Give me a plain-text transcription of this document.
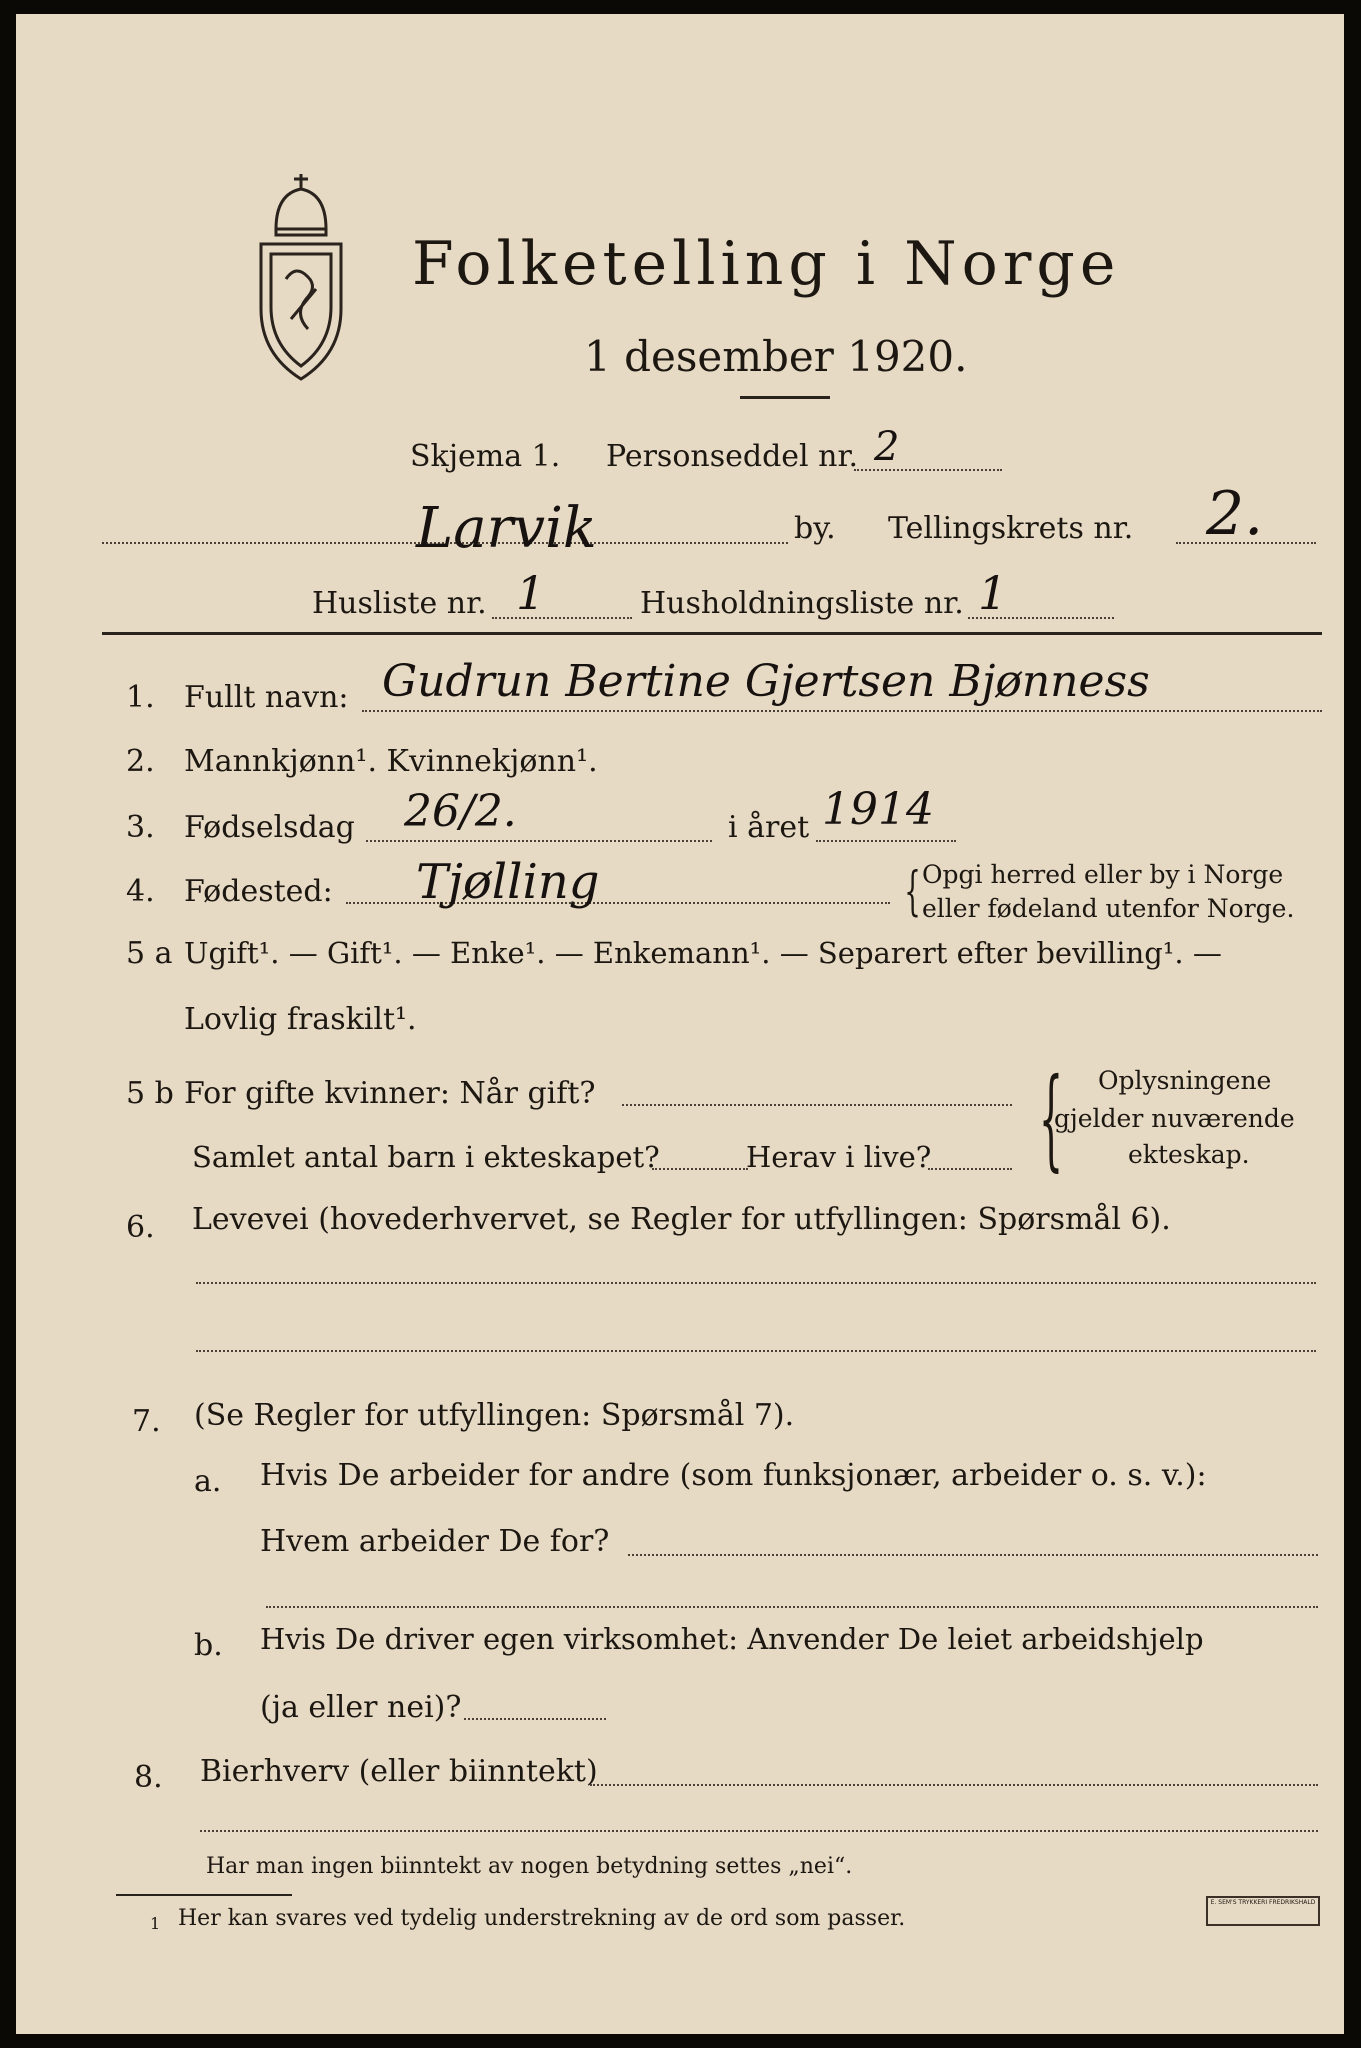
Folketelling i Norge
1 desember 1920.
Skjema 1. Personseddel nr. 2
Larvik	by. Tellingskrets nr. 2.
Husliste nr. 1	Husholdningsliste nr. 1
1. Fullt navn: Gudrun Bertine Gjertsen Bjønness
2. Mannkjønn¹. Kvinnekjønn¹.
3. Fødselsdag 26/2.	i året 1914
4. Fødested: Tjølling	{ Opgi herred eller by i Norge
eller fødeland utenfor Norge.
5 a Ugift¹. — Gift¹. — Enke¹. — Enkemann¹. — Separert efter bevilling¹. —
Lovlig fraskilt¹.
5 b For gifte kvinner: Når gift?
Samlet antal barn i ekteskapet?	Herav i live? { Oplysningene
gjelder nuværende
ekteskap.
6. Levevei (hovederhvervet, se Regler for utfyllingen: Spørsmål 6).
7. (Se Regler for utfyllingen: Spørsmål 7).
a. Hvis De arbeider for andre (som funksjonær, arbeider o. s. v.):
Hvem arbeider De for?
b. Hvis De driver egen virksomhet: Anvender De leiet arbeidshjelp
(ja eller nei)?
8. Bierhverv (eller biinntekt)
Har man ingen biinntekt av nogen betydning settes „nei“.
1 Her kan svares ved tydelig understrekning av de ord som passer.
E. SEM'S TRYKKERI FREDRIKSHALD
